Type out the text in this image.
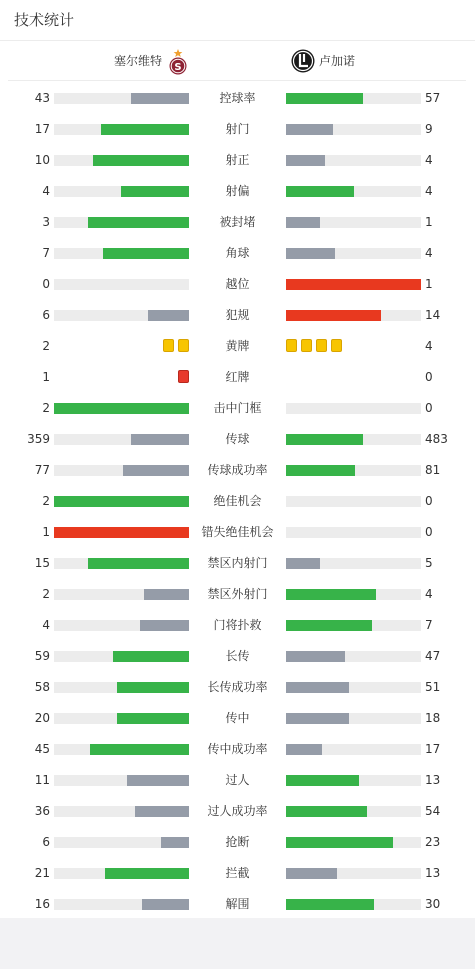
技术统计
塞尔维特 S	卢加诺
43	控球率	57
17	射门	9
10	射正	4
4	射偏	4
3	被封堵	1
7	角球	4
0	越位	1
6	犯规	14
2	黄牌	4
1	红牌	0
2	击中门框	0
359	传球	483
77	传球成功率	81
2	绝佳机会	0
1	错失绝佳机会	0
15	禁区内射门	5
2	禁区外射门	4
4	门将扑救	7
59	长传	47
58	长传成功率	51
20	传中	18
45	传中成功率	17
11	过人	13
36	过人成功率	54
6	抢断	23
21	拦截	13
16	解围	30
